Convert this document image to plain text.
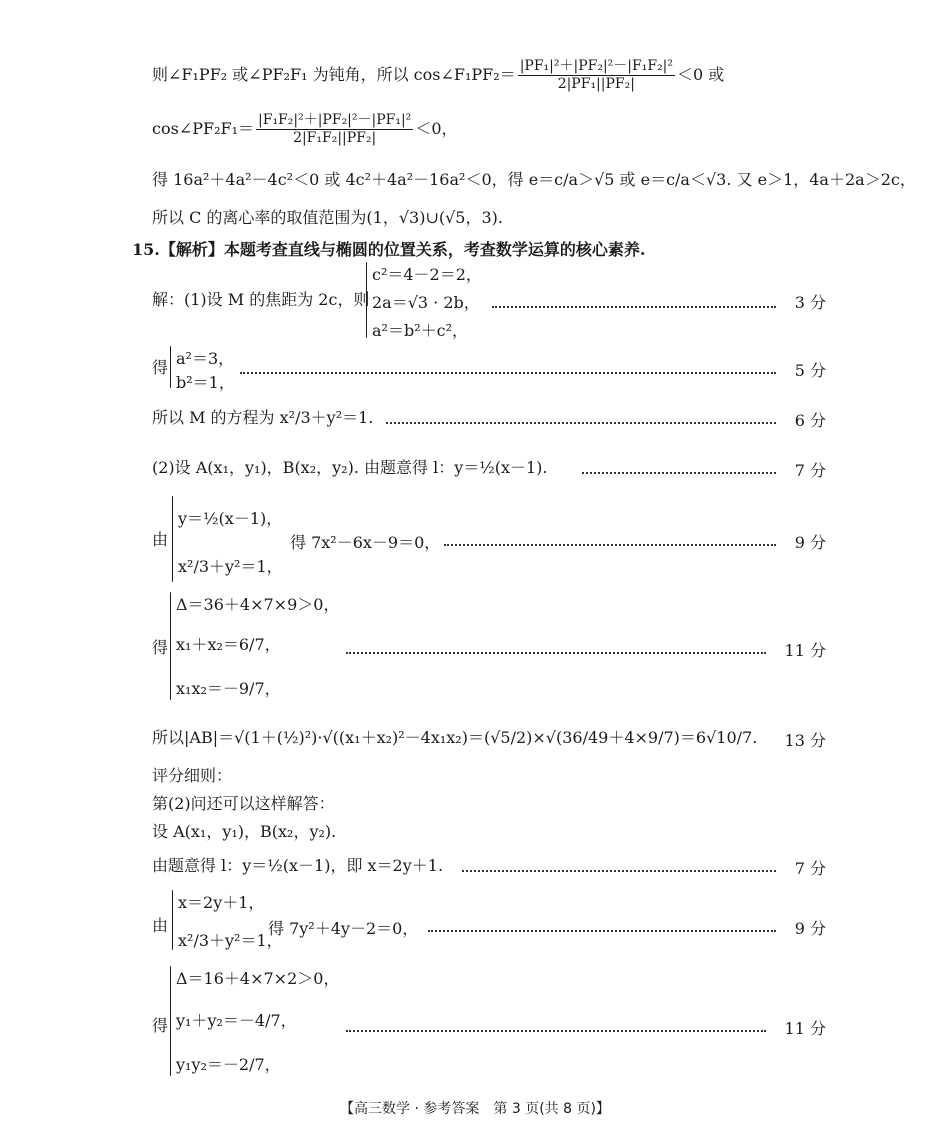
则∠F₁PF₂ 或∠PF₂F₁ 为钝角，所以 cos∠F₁PF₂＝ $\frac{\text{|PF₁|²＋|PF₂|²－|F₁F₂|²}}{\text{2|PF₁||PF₂|}} <0$ 或
cos∠PF₂F₁＝ $\frac{\text{|F₁F₂|²＋|PF₂|²－|PF₁|²}}{\text{2|F₁F₂||PF₂|}} <0$，
得 16a²＋4a²－4c²＜0 或 4c²＋4a²－16a²＜0，得 e＝c/a＞√5 或 e＝c/a＜√3. 又 e＞1，4a＋2a＞2c，
所以 C 的离心率的取值范围为(1，√3)∪(√5，3).
15.【解析】本题考查直线与椭圆的位置关系，考查数学运算的核心素养.
解：(1)设 M 的焦距为 2c，则
c²＝4－2＝2，
2a＝√3 · 2b，
a²＝b²＋c²，
3 分
得 a²＝3，
b²＝1，
5 分
所以 M 的方程为 x²/3＋y²＝1.	6 分
(2)设 A(x₁，y₁)，B(x₂，y₂). 由题意得 l：y＝½(x－1).	7 分
由
y＝½(x－1)，
x²/3＋y²＝1，
得 7x²－6x－9＝0，	9 分
得
Δ＝36＋4×7×9＞0，
x₁＋x₂＝6/7，
x₁x₂＝－9/7，
11 分
所以|AB|＝√(1＋(½)²)·√((x₁＋x₂)²－4x₁x₂)＝(√5/2)×√(36/49＋4×9/7)＝6√10/7. 13 分
评分细则：
第(2)问还可以这样解答：
设 A(x₁，y₁)，B(x₂，y₂).
由题意得 l：y＝½(x－1)，即 x＝2y＋1.	7 分
由
x＝2y＋1，
x²/3＋y²＝1，
得 7y²＋4y－2＝0，	9 分
得
Δ＝16＋4×7×2＞0，
y₁＋y₂＝－4/7，
y₁y₂＝－2/7，
11 分
【高三数学 · 参考答案　第 3 页(共 8 页)】
